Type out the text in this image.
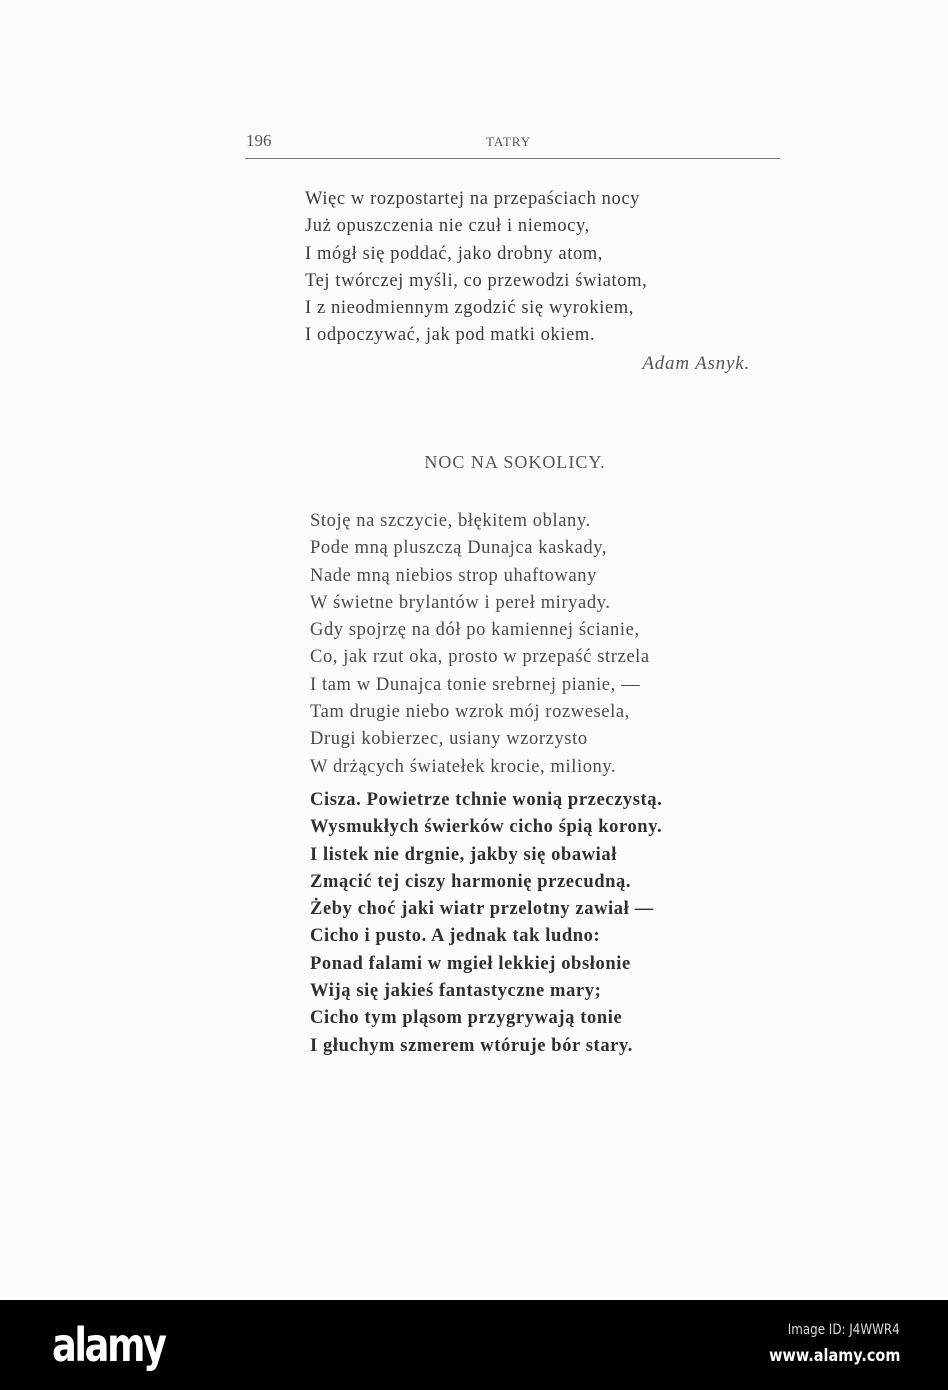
196	TATRY
Więc w rozpostartej na przepaściach nocy
Już opuszczenia nie czuł i niemocy,
I mógł się poddać, jako drobny atom,
Tej twórczej myśli, co przewodzi światom,
I z nieodmiennym zgodzić się wyrokiem,
I odpoczywać, jak pod matki okiem.
Adam Asnyk.
NOC NA SOKOLICY.
Stoję na szczycie, błękitem oblany.
Pode mną pluszczą Dunajca kaskady,
Nade mną niebios strop uhaftowany
W świetne brylantów i pereł miryady.
Gdy spojrzę na dół po kamiennej ścianie,
Co, jak rzut oka, prosto w przepaść strzela
I tam w Dunajca tonie srebrnej pianie, —
Tam drugie niebo wzrok mój rozwesela,
Drugi kobierzec, usiany wzorzysto
W drżących światełek krocie, miliony.
Cisza. Powietrze tchnie wonią przeczystą.
Wysmukłych świerków cicho śpią korony.
I listek nie drgnie, jakby się obawiał
Zmącić tej ciszy harmonię przecudną.
Żeby choć jaki wiatr przelotny zawiał —
Cicho i pusto. A jednak tak ludno:
Ponad falami w mgieł lekkiej obsłonie
Wiją się jakieś fantastyczne mary;
Cicho tym pląsom przygrywają tonie
I głuchym szmerem wtóruje bór stary.
alamy	Image ID: J4WWR4
www.alamy.com
